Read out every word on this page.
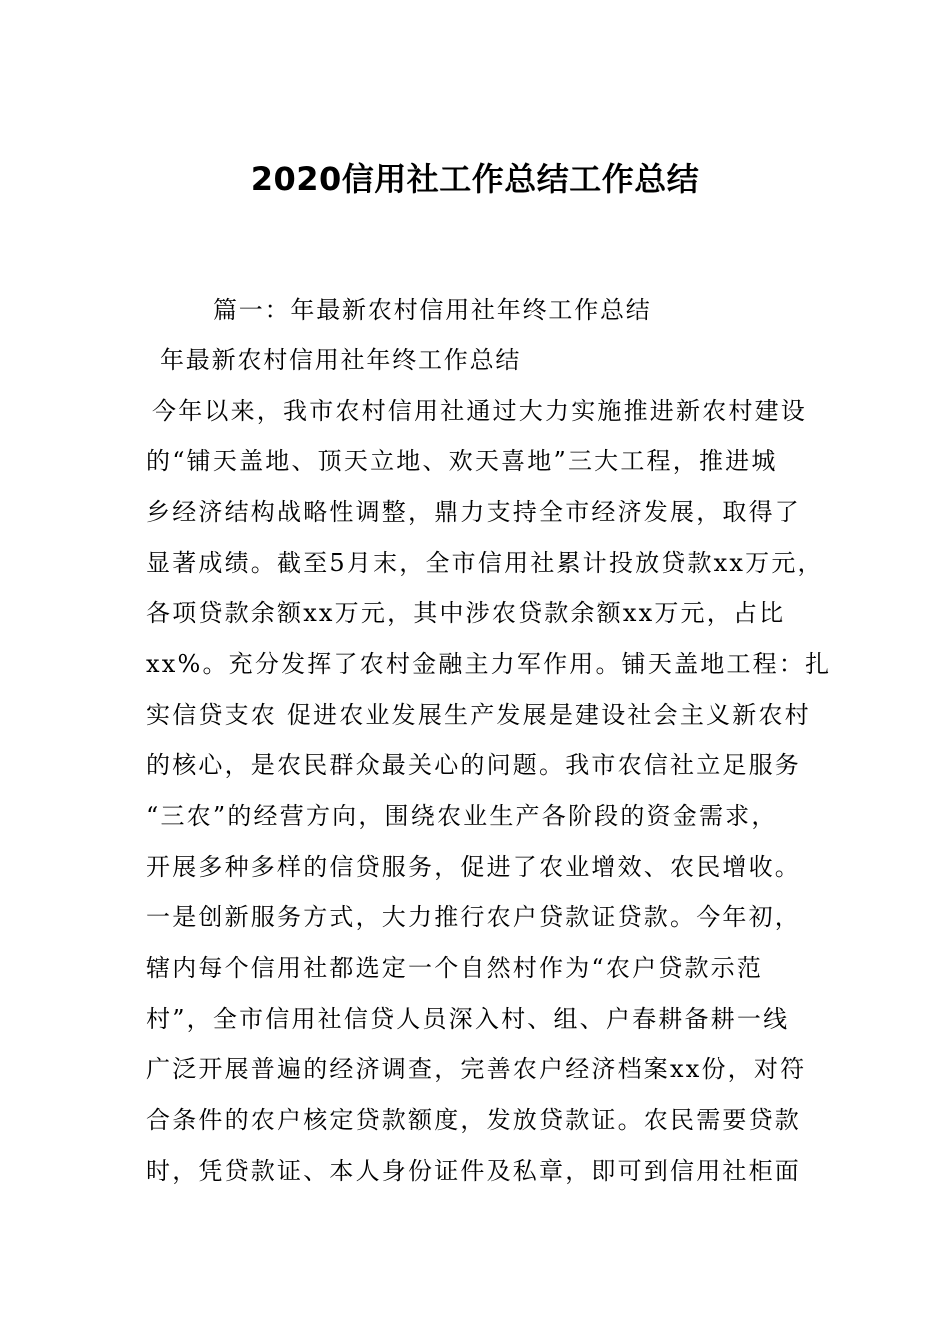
2020信用社工作总结工作总结
篇一：年最新农村信用社年终工作总结
年最新农村信用社年终工作总结
今年以来，我市农村信用社通过大力实施推进新农村建设
的“铺天盖地、顶天立地、欢天喜地”三大工程，推进城
乡经济结构战略性调整，鼎力支持全市经济发展，取得了
显著成绩。截至5月末，全市信用社累计投放贷款xx万元，
各项贷款余额xx万元，其中涉农贷款余额xx万元，占比
xx%。充分发挥了农村金融主力军作用。铺天盖地工程：扎
实信贷支农 促进农业发展生产发展是建设社会主义新农村
的核心，是农民群众最关心的问题。我市农信社立足服务
“三农”的经营方向，围绕农业生产各阶段的资金需求，
开展多种多样的信贷服务，促进了农业增效、农民增收。
一是创新服务方式，大力推行农户贷款证贷款。今年初，
辖内每个信用社都选定一个自然村作为“农户贷款示范
村”，全市信用社信贷人员深入村、组、户春耕备耕一线
广泛开展普遍的经济调查，完善农户经济档案xx份，对符
合条件的农户核定贷款额度，发放贷款证。农民需要贷款
时，凭贷款证、本人身份证件及私章，即可到信用社柜面
